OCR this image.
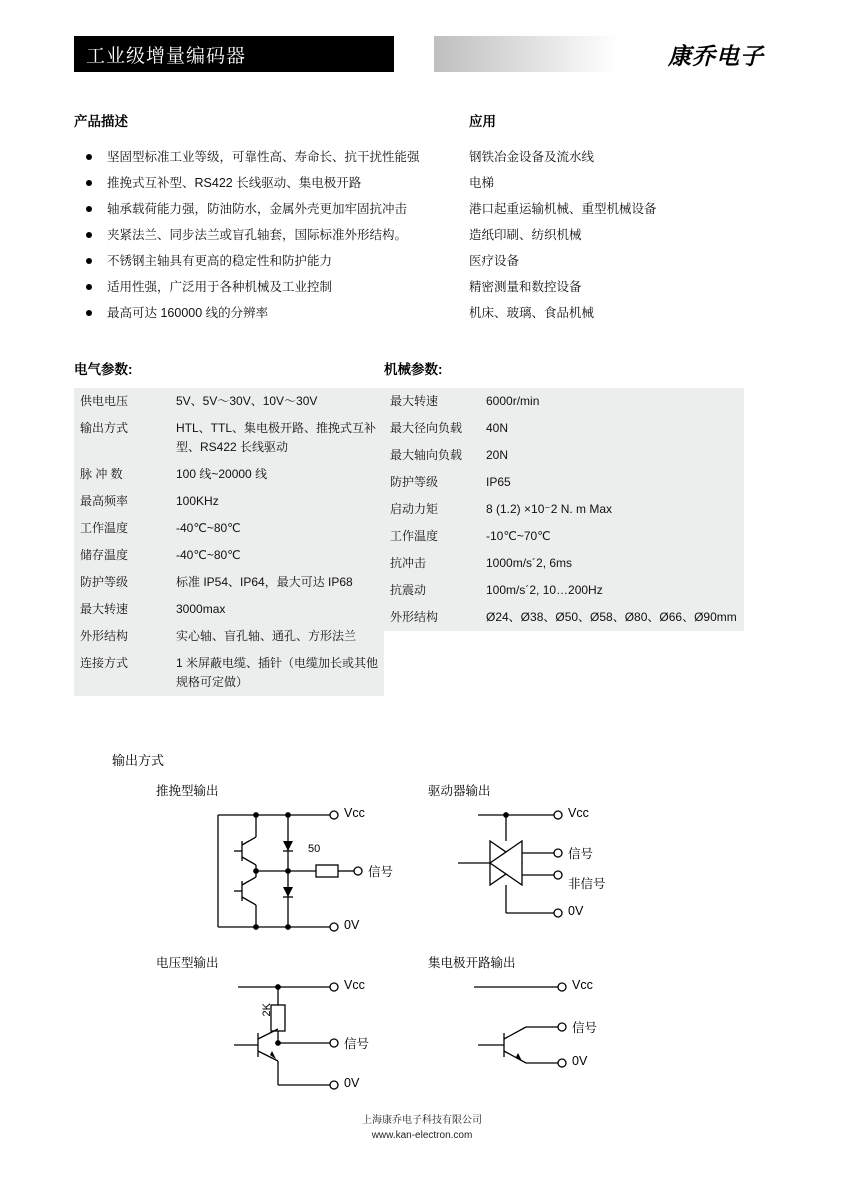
工业级增量编码器	康乔电子
产品描述
坚固型标准工业等级，可靠性高、寿命长、抗干扰性能强
推挽式互补型、RS422 长线驱动、集电极开路
轴承载荷能力强，防油防水，金属外壳更加牢固抗冲击
夹紧法兰、同步法兰或盲孔轴套，国际标准外形结构。
不锈钢主轴具有更高的稳定性和防护能力
适用性强，广泛用于各种机械及工业控制
最高可达 160000 线的分辨率
应用
钢铁冶金设备及流水线
电梯
港口起重运输机械、重型机械设备
造纸印刷、纺织机械
医疗设备
精密测量和数控设备
机床、玻璃、食品机械
电气参数:
供电电压	5V、5V～30V、10V～30V
输出方式	HTL、TTL、集电极开路、推挽式互补型、RS422 长线驱动
脉 冲 数	100 线~20000 线
最高频率	100KHz
工作温度	-40℃~80℃
储存温度	-40℃~80℃
防护等级	标准 IP54、IP64，最大可达 IP68
最大转速	3000max
外形结构	实心轴、盲孔轴、通孔、方形法兰
连接方式	1 米屏蔽电缆、插针（电缆加长或其他规格可定做）
机械参数:
最大转速	6000r/min
最大径向负载	40N
最大轴向负载	20N
防护等级	IP65
启动力矩	8 (1.2) ×10⁻2 N. m Max
工作温度	-10℃~70℃
抗冲击	1000m/s´2, 6ms
抗震动	100m/s´2, 10…200Hz
外形结构	Ø24、Ø38、Ø50、Ø58、Ø80、Ø66、Ø90mm
输出方式
推挽型输出
Vcc
50
信号
0V
驱动器输出
Vcc
信号
非信号
0V
电压型输出
Vcc
2K
信号
0V
集电极开路输出
Vcc
信号
0V
上海康乔电子科技有限公司
www.kan-electron.com
